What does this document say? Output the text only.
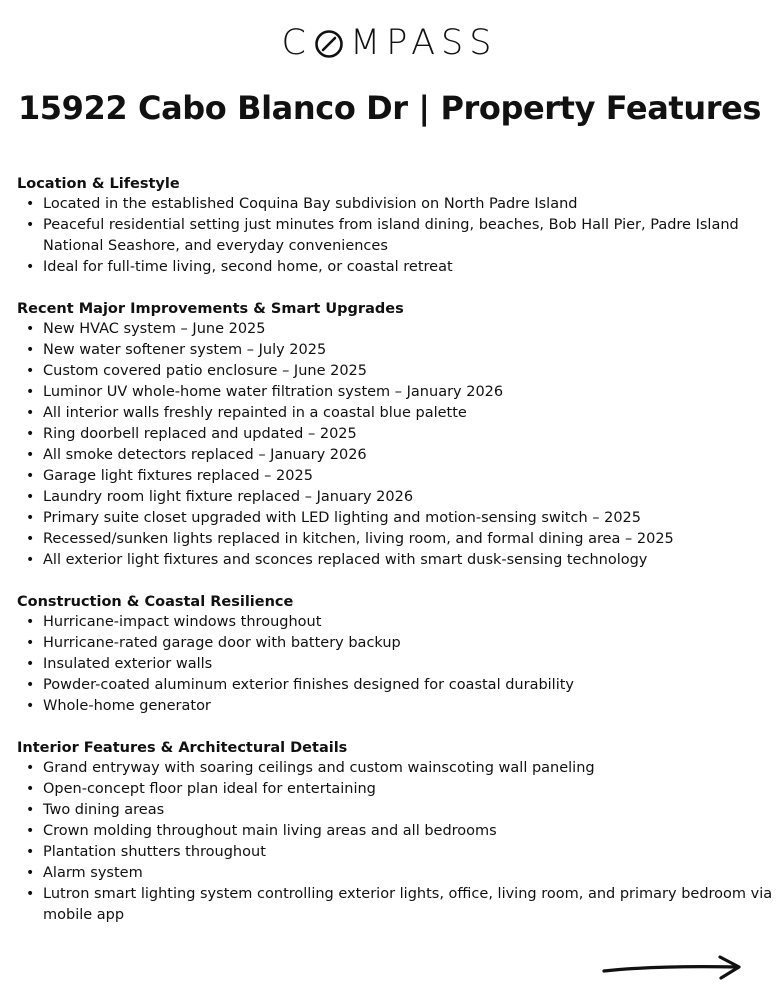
C MPASS
15922 Cabo Blanco Dr | Property Features
Location & Lifestyle
• Located in the established Coquina Bay subdivision on North Padre Island
• Peaceful residential setting just minutes from island dining, beaches, Bob Hall Pier, Padre Island National Seashore, and everyday conveniences
• Ideal for full-time living, second home, or coastal retreat
Recent Major Improvements & Smart Upgrades
• New HVAC system – June 2025
• New water softener system – July 2025
• Custom covered patio enclosure – June 2025
• Luminor UV whole-home water filtration system – January 2026
• All interior walls freshly repainted in a coastal blue palette
• Ring doorbell replaced and updated – 2025
• All smoke detectors replaced – January 2026
• Garage light fixtures replaced – 2025
• Laundry room light fixture replaced – January 2026
• Primary suite closet upgraded with LED lighting and motion-sensing switch – 2025
• Recessed/sunken lights replaced in kitchen, living room, and formal dining area – 2025
• All exterior light fixtures and sconces replaced with smart dusk-sensing technology
Construction & Coastal Resilience
• Hurricane-impact windows throughout
• Hurricane-rated garage door with battery backup
• Insulated exterior walls
• Powder-coated aluminum exterior finishes designed for coastal durability
• Whole-home generator
Interior Features & Architectural Details
• Grand entryway with soaring ceilings and custom wainscoting wall paneling
• Open-concept floor plan ideal for entertaining
• Two dining areas
• Crown molding throughout main living areas and all bedrooms
• Plantation shutters throughout
• Alarm system
• Lutron smart lighting system controlling exterior lights, office, living room, and primary bedroom via mobile app
